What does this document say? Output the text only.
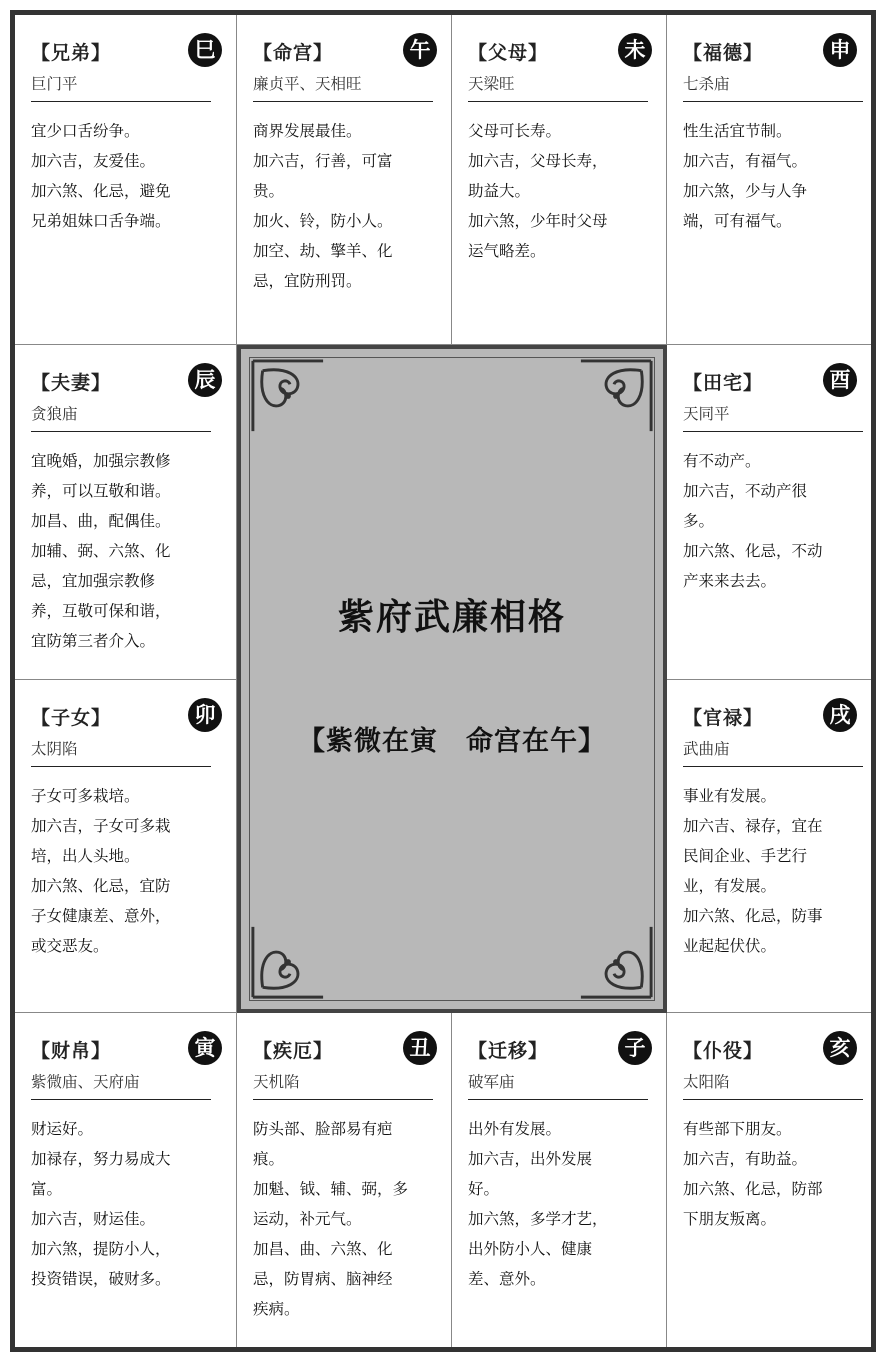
【兄弟】	巳
巨门平
宜少口舌纷争。
加六吉，友爱佳。
加六煞、化忌，避免
兄弟姐妹口舌争端。
【命宫】	午
廉贞平、天相旺
商界发展最佳。
加六吉，行善，可富
贵。
加火、铃，防小人。
加空、劫、擎羊、化
忌，宜防刑罚。
【父母】	未
天梁旺
父母可长寿。
加六吉，父母长寿，
助益大。
加六煞，少年时父母
运气略差。
【福德】	申
七杀庙
性生活宜节制。
加六吉，有福气。
加六煞，少与人争
端，可有福气。
【夫妻】	辰
贪狼庙
宜晚婚，加强宗教修
养，可以互敬和谐。
加昌、曲，配偶佳。
加辅、弼、六煞、化
忌，宜加强宗教修
养，互敬可保和谐，
宜防第三者介入。
【田宅】	酉
天同平
有不动产。
加六吉，不动产很
多。
加六煞、化忌，不动
产来来去去。
【子女】	卯
太阴陷
子女可多栽培。
加六吉，子女可多栽
培，出人头地。
加六煞、化忌，宜防
子女健康差、意外，
或交恶友。
【官禄】	戌
武曲庙
事业有发展。
加六吉、禄存，宜在
民间企业、手艺行
业，有发展。
加六煞、化忌，防事
业起起伏伏。
【财帛】	寅
紫微庙、天府庙
财运好。
加禄存，努力易成大
富。
加六吉，财运佳。
加六煞，提防小人，
投资错误，破财多。
【疾厄】	丑
天机陷
防头部、脸部易有疤
痕。
加魁、钺、辅、弼，多
运动，补元气。
加昌、曲、六煞、化
忌，防胃病、脑神经
疾病。
【迁移】	子
破军庙
出外有发展。
加六吉，出外发展
好。
加六煞，多学才艺，
出外防小人、健康
差、意外。
【仆役】	亥
太阳陷
有些部下朋友。
加六吉，有助益。
加六煞、化忌，防部
下朋友叛离。
紫府武廉相格
【紫微在寅　命宫在午】
